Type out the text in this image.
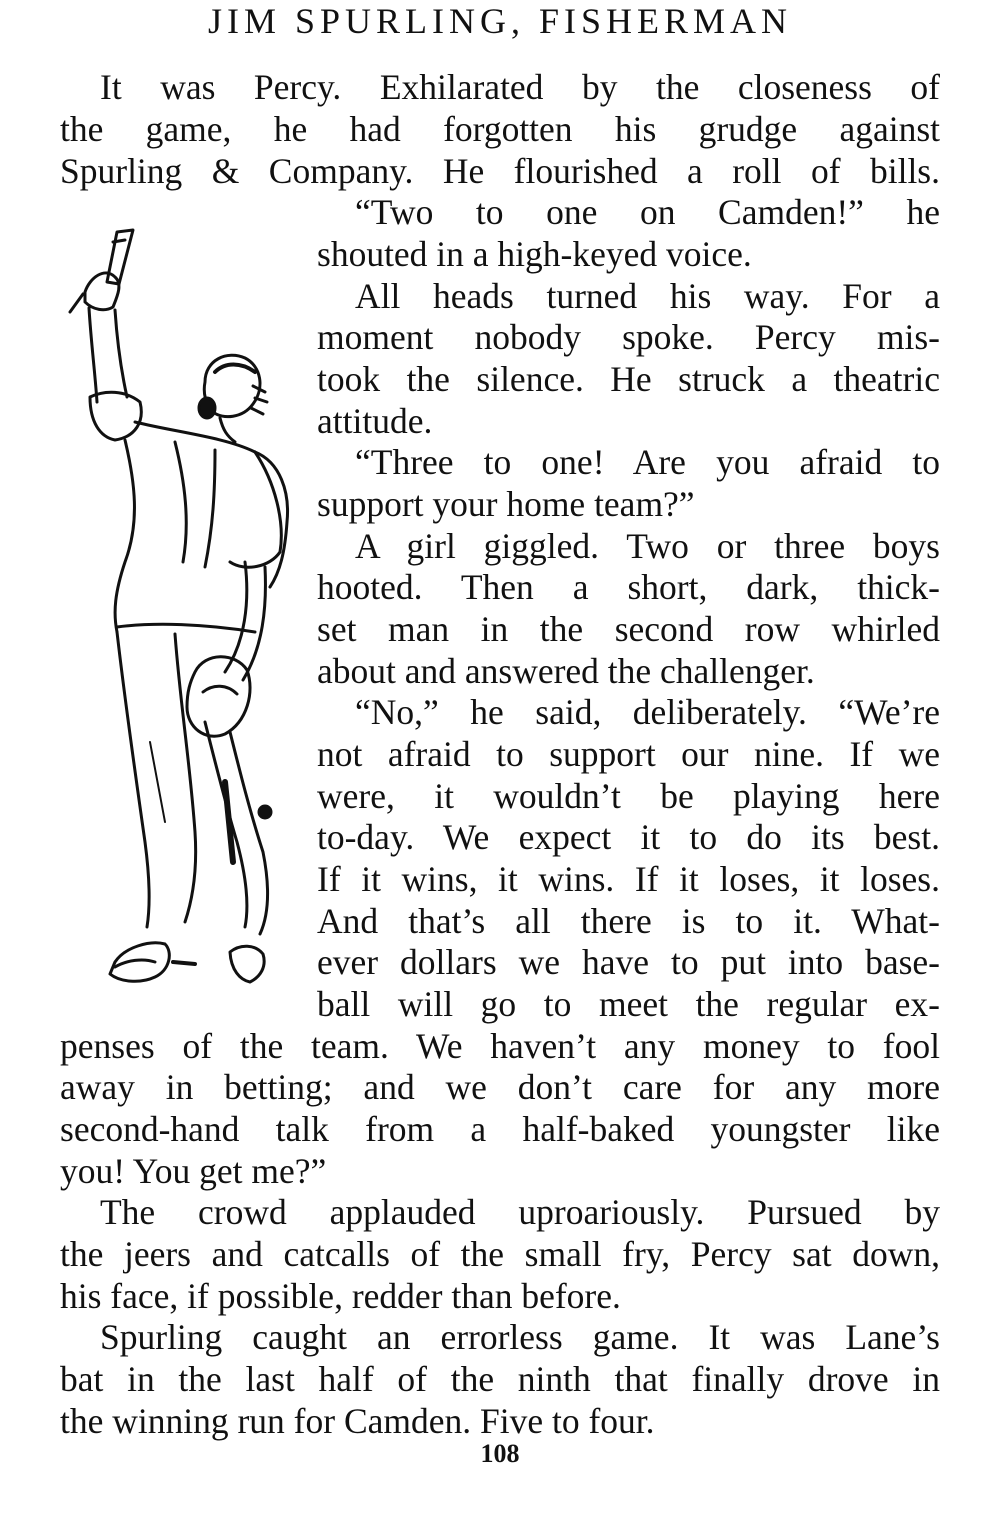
JIM SPURLING, FISHERMAN
It was Percy. Exhilarated by the closeness of
the game, he had forgotten his grudge against
Spurling & Company. He flourished a roll of bills.
“Two to one on Camden!” he
shouted in a high-keyed voice.
All heads turned his way. For a
moment nobody spoke. Percy mis-
took the silence. He struck a theatric
attitude.
“Three to one! Are you afraid to
support your home team?”
A girl giggled. Two or three boys
hooted. Then a short, dark, thick-
set man in the second row whirled
about and answered the challenger.
“No,” he said, deliberately. “We’re
not afraid to support our nine. If we
were, it wouldn’t be playing here
to-day. We expect it to do its best.
If it wins, it wins. If it loses, it loses.
And that’s all there is to it. What-
ever dollars we have to put into base-
ball will go to meet the regular ex-
penses of the team. We haven’t any money to fool
away in betting; and we don’t care for any more
second-hand talk from a half-baked youngster like
you! You get me?”
The crowd applauded uproariously. Pursued by
the jeers and catcalls of the small fry, Percy sat down,
his face, if possible, redder than before.
Spurling caught an errorless game. It was Lane’s
bat in the last half of the ninth that finally drove in
the winning run for Camden. Five to four.
108
